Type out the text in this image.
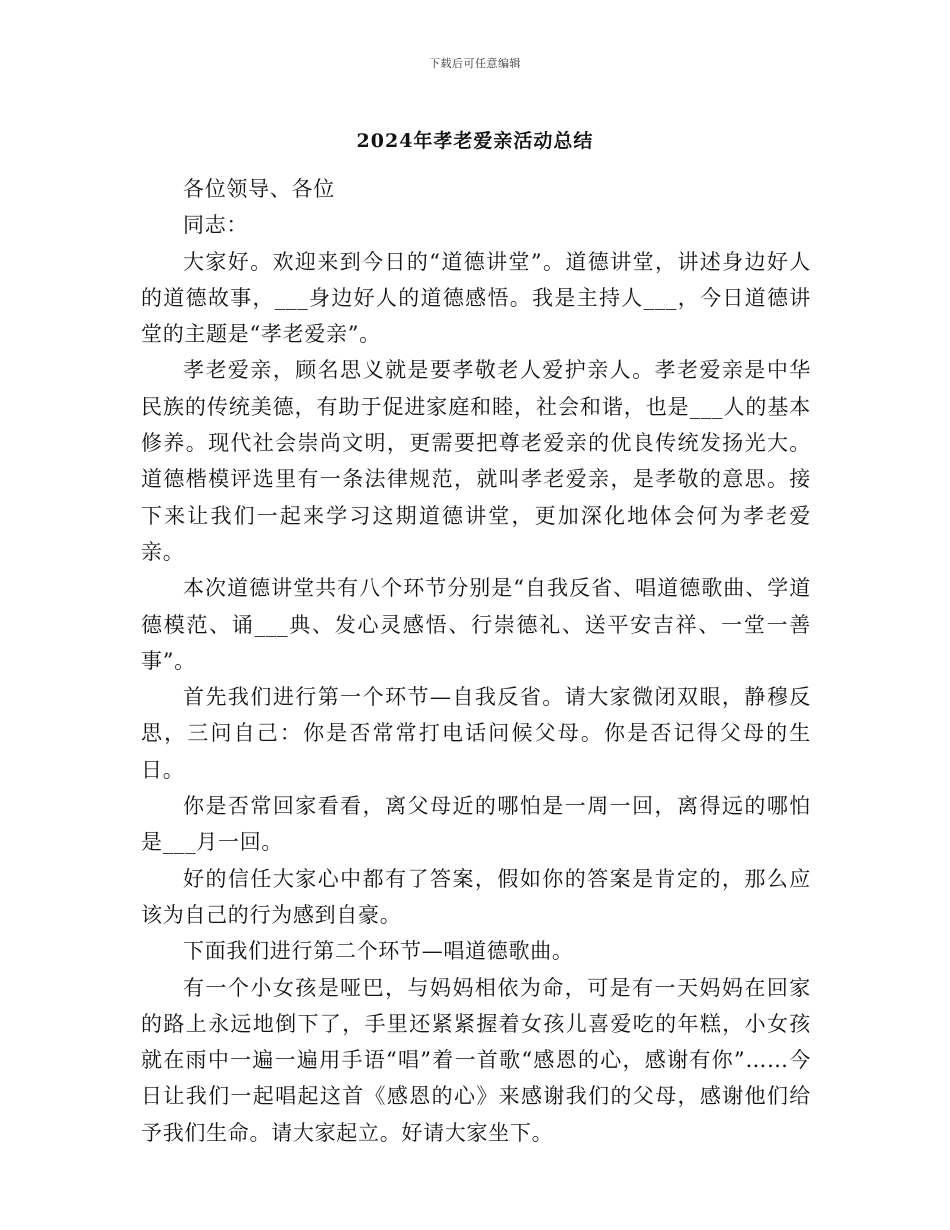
下载后可任意编辑
2024年孝老爱亲活动总结

各位领导、各位

同志：

大家好。欢迎来到今日的“道德讲堂”。道德讲堂，讲述身边好人的道德故事，___身边好人的道德感悟。我是主持人___，今日道德讲堂的主题是“孝老爱亲”。

孝老爱亲，顾名思义就是要孝敬老人爱护亲人。孝老爱亲是中华民族的传统美德，有助于促进家庭和睦，社会和谐，也是___人的基本修养。现代社会崇尚文明，更需要把尊老爱亲的优良传统发扬光大。道德楷模评选里有一条法律规范，就叫孝老爱亲，是孝敬的意思。接下来让我们一起来学习这期道德讲堂，更加深化地体会何为孝老爱亲。

本次道德讲堂共有八个环节分别是“自我反省、唱道德歌曲、学道德模范、诵___典、发心灵感悟、行崇德礼、送平安吉祥、一堂一善事”。

首先我们进行第一个环节—自我反省。请大家微闭双眼，静穆反思，三问自己：你是否常常打电话问候父母。你是否记得父母的生日。

你是否常回家看看，离父母近的哪怕是一周一回，离得远的哪怕是___月一回。

好的信任大家心中都有了答案，假如你的答案是肯定的，那么应该为自己的行为感到自豪。

下面我们进行第二个环节—唱道德歌曲。

有一个小女孩是哑巴，与妈妈相依为命，可是有一天妈妈在回家的路上永远地倒下了，手里还紧紧握着女孩儿喜爱吃的年糕，小女孩就在雨中一遍一遍用手语“唱”着一首歌“感恩的心，感谢有你”……今日让我们一起唱起这首《感恩的心》来感谢我们的父母，感谢他们给予我们生命。请大家起立。好请大家坐下。
